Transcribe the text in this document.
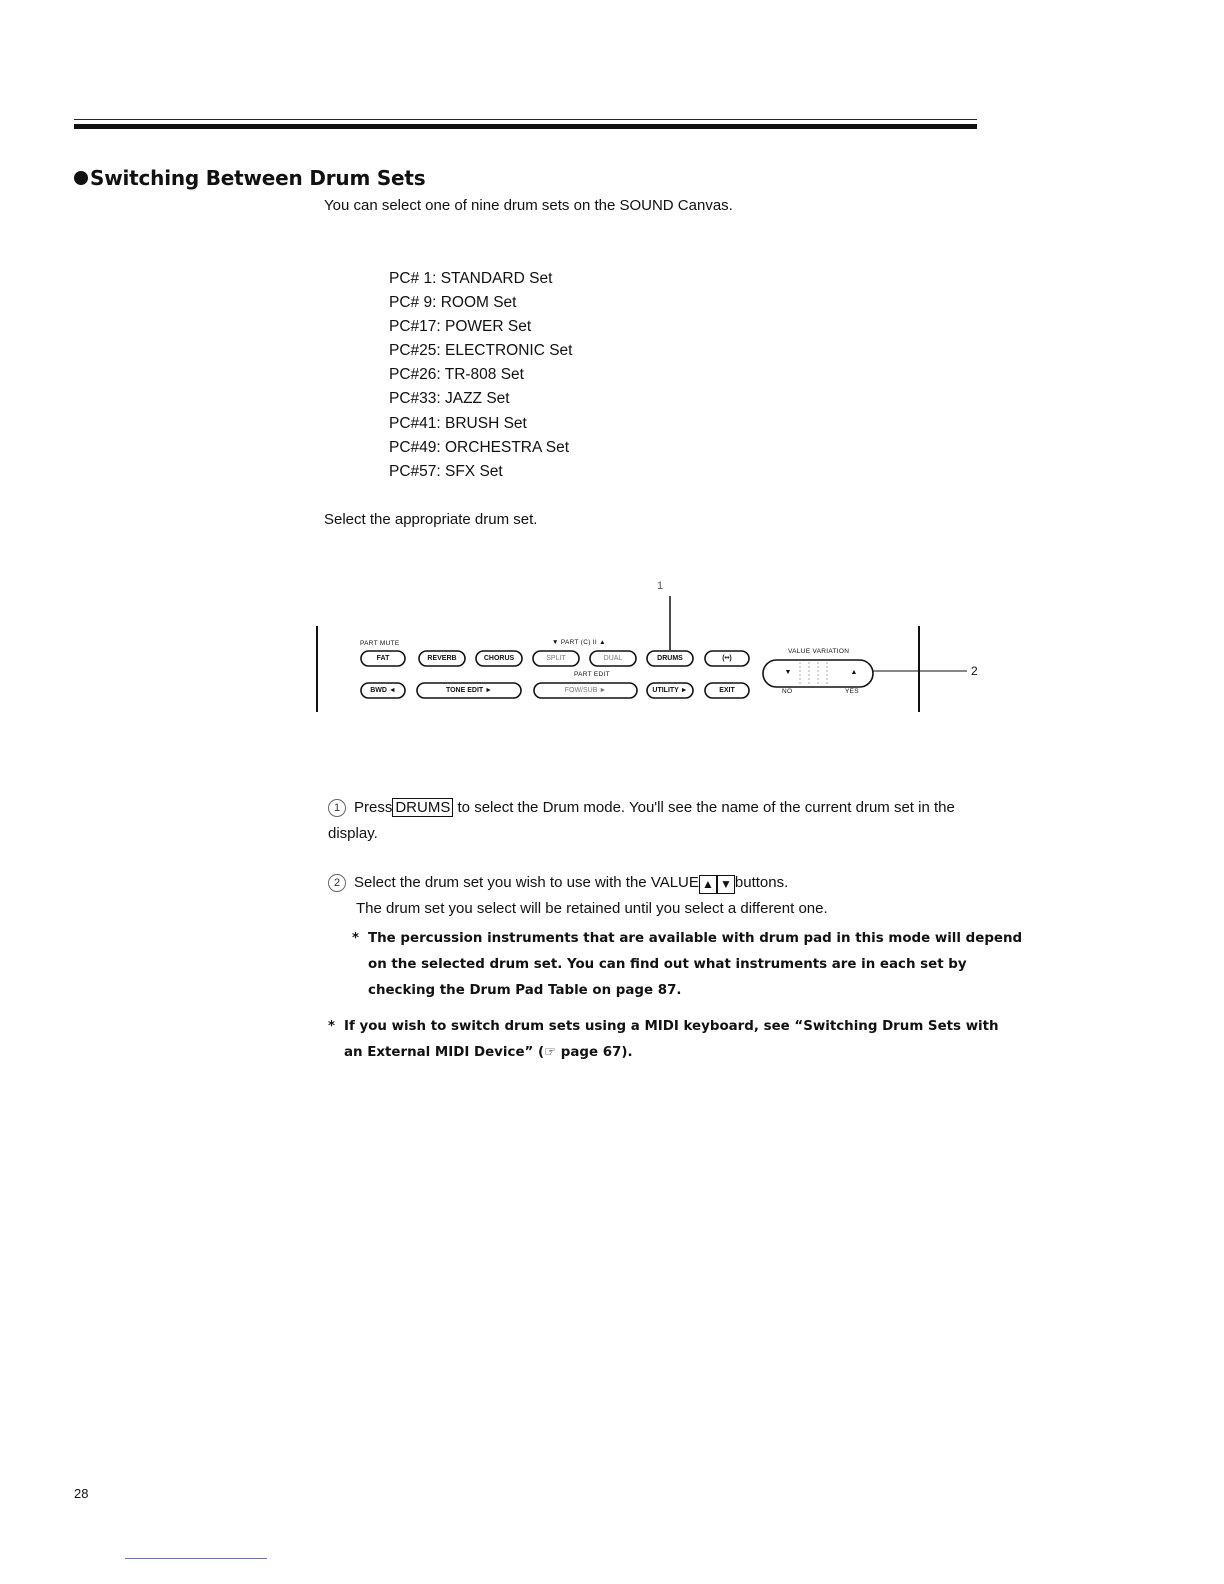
Switching Between Drum Sets

You can select one of nine drum sets on the SOUND Canvas.

PC# 1: STANDARD Set
PC# 9: ROOM Set
PC#17: POWER Set
PC#25: ELECTRONIC Set
PC#26: TR-808 Set
PC#33: JAZZ Set
PC#41: BRUSH Set
PC#49: ORCHESTRA Set
PC#57: SFX Set

Select the appropriate drum set.

1
2
PART MUTE	▼ PART (C) II ▲
PART EDIT
VALUE VARIATION
NO	YES
FAT	REVERB	CHORUS	SPLIT	DUAL	DRUMS	(••)
BWD ◄	TONE EDIT ►	FOW/SUB ►	UTILITY ►	EXIT
▼	▲

1 Press DRUMS to select the Drum mode. You'll see the name of the current drum set in the
display.

2 Select the drum set you wish to use with the VALUE ▲ ▼ buttons.
The drum set you select will be retained until you select a different one.

* The percussion instruments that are available with drum pad in this mode will depend
on the selected drum set. You can find out what instruments are in each set by
checking the Drum Pad Table on page 87.

* If you wish to switch drum sets using a MIDI keyboard, see “Switching Drum Sets with
an External MIDI Device” (☞ page 67).

28
